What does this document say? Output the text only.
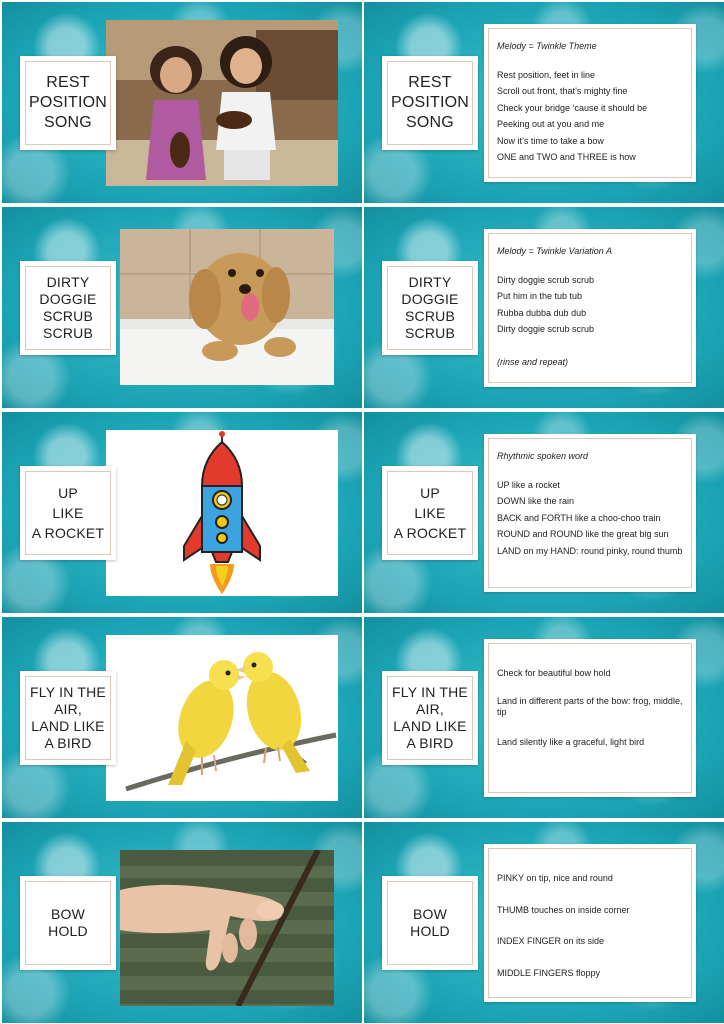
REST
POSITION
SONG
Melody = Twinkle Theme
Rest position, feet in line
Scroll out front, that’s mighty fine
Check your bridge ‘cause it should be
Peeking out at you and me
Now it’s time to take a bow
ONE and TWO and THREE is how
REST
POSITION
SONG
DIRTY
DOGGIE
SCRUB
SCRUB
Melody = Twinkle Variation A
Dirty doggie scrub scrub
Put him in the tub tub
Rubba dubba dub dub
Dirty doggie scrub scrub
(rinse and repeat)
DIRTY
DOGGIE
SCRUB
SCRUB
UP
LIKE
A ROCKET
Rhythmic spoken word
UP like a rocket
DOWN like the rain
BACK and FORTH like a choo-choo train
ROUND and ROUND like the great big sun
LAND on my HAND: round pinky, round thumb
UP
LIKE
A ROCKET
FLY IN THE
AIR,
LAND LIKE
A BIRD
Check for beautiful bow hold
Land in different parts of the bow: frog, middle, tip
Land silently like a graceful, light bird
FLY IN THE
AIR,
LAND LIKE
A BIRD
BOW
HOLD
PINKY on tip, nice and round
THUMB touches on inside corner
INDEX FINGER on its side
MIDDLE FINGERS floppy
BOW
HOLD
